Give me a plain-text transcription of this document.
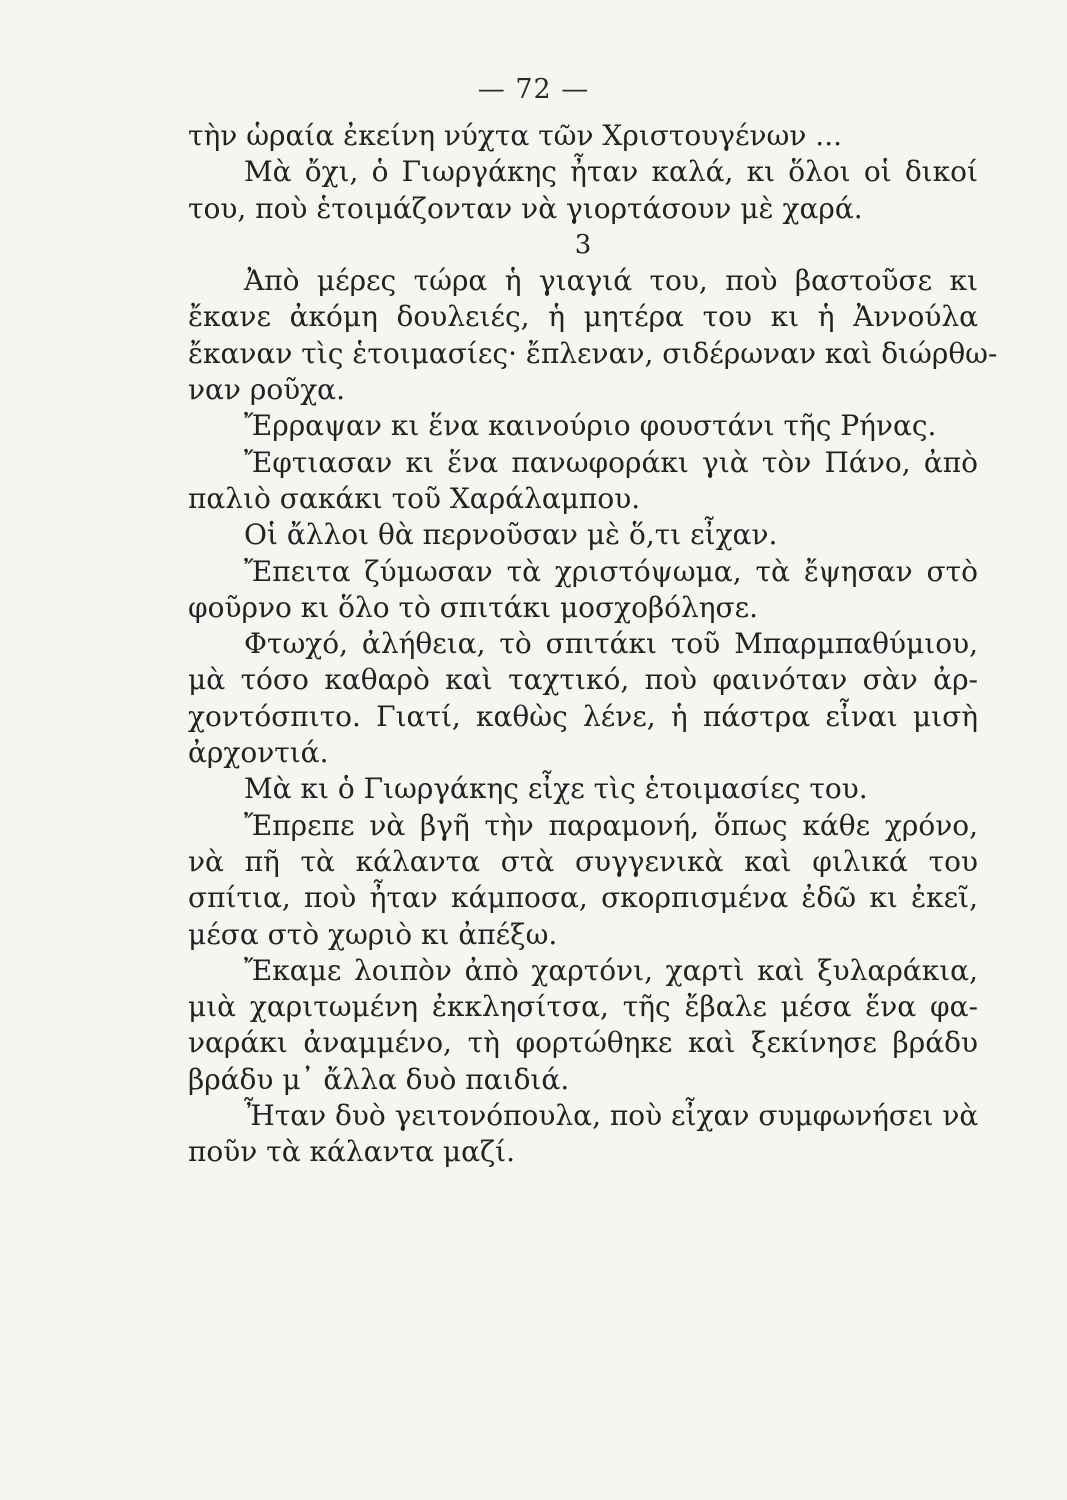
— 72 —
τὴν ὡραία ἐκείνη νύχτα τῶν Χριστουγένων ...
Μὰ ὄχι, ὁ Γιωργάκης ἦταν καλά, κι ὅλοι οἱ δικοί
του, ποὺ ἑτοιμάζονταν νὰ γιορτάσουν μὲ χαρά.
3
Ἀπὸ μέρες τώρα ἡ γιαγιά του, ποὺ βαστοῦσε κι
ἔκανε ἀκόμη δουλειές, ἡ μητέρα του κι ἡ Ἀννούλα
ἔκαναν τὶς ἑτοιμασίες· ἔπλεναν, σιδέρωναν καὶ διώρθω-
ναν ροῦχα.
Ἔρραψαν κι ἕνα καινούριο φουστάνι τῆς Ρήνας.
Ἔφτιασαν κι ἕνα πανωφοράκι γιὰ τὸν Πάνο, ἀπὸ
παλιὸ σακάκι τοῦ Χαράλαμπου.
Οἱ ἄλλοι θὰ περνοῦσαν μὲ ὅ,τι εἶχαν.
Ἔπειτα ζύμωσαν τὰ χριστόψωμα, τὰ ἔψησαν στὸ
φοῦρνο κι ὅλο τὸ σπιτάκι μοσχοβόλησε.
Φτωχό, ἀλήθεια, τὸ σπιτάκι τοῦ Μπαρμπαθύμιου,
μὰ τόσο καθαρὸ καὶ ταχτικό, ποὺ φαινόταν σὰν ἀρ-
χοντόσπιτο. Γιατί, καθὼς λένε, ἡ πάστρα εἶναι μισὴ
ἀρχοντιά.
Μὰ κι ὁ Γιωργάκης εἶχε τὶς ἑτοιμασίες του.
Ἔπρεπε νὰ βγῆ τὴν παραμονή, ὅπως κάθε χρόνο,
νὰ πῆ τὰ κάλαντα στὰ συγγενικὰ καὶ φιλικά του
σπίτια, ποὺ ἦταν κάμποσα, σκορπισμένα ἐδῶ κι ἐκεῖ,
μέσα στὸ χωριὸ κι ἀπέξω.
Ἔκαμε λοιπὸν ἀπὸ χαρτόνι, χαρτὶ καὶ ξυλαράκια,
μιὰ χαριτωμένη ἐκκλησίτσα, τῆς ἔβαλε μέσα ἕνα φα-
ναράκι ἀναμμένο, τὴ φορτώθηκε καὶ ξεκίνησε βράδυ
βράδυ μ᾿ ἄλλα δυὸ παιδιά.
Ἦταν δυὸ γειτονόπουλα, ποὺ εἶχαν συμφωνήσει νὰ
ποῦν τὰ κάλαντα μαζί.
